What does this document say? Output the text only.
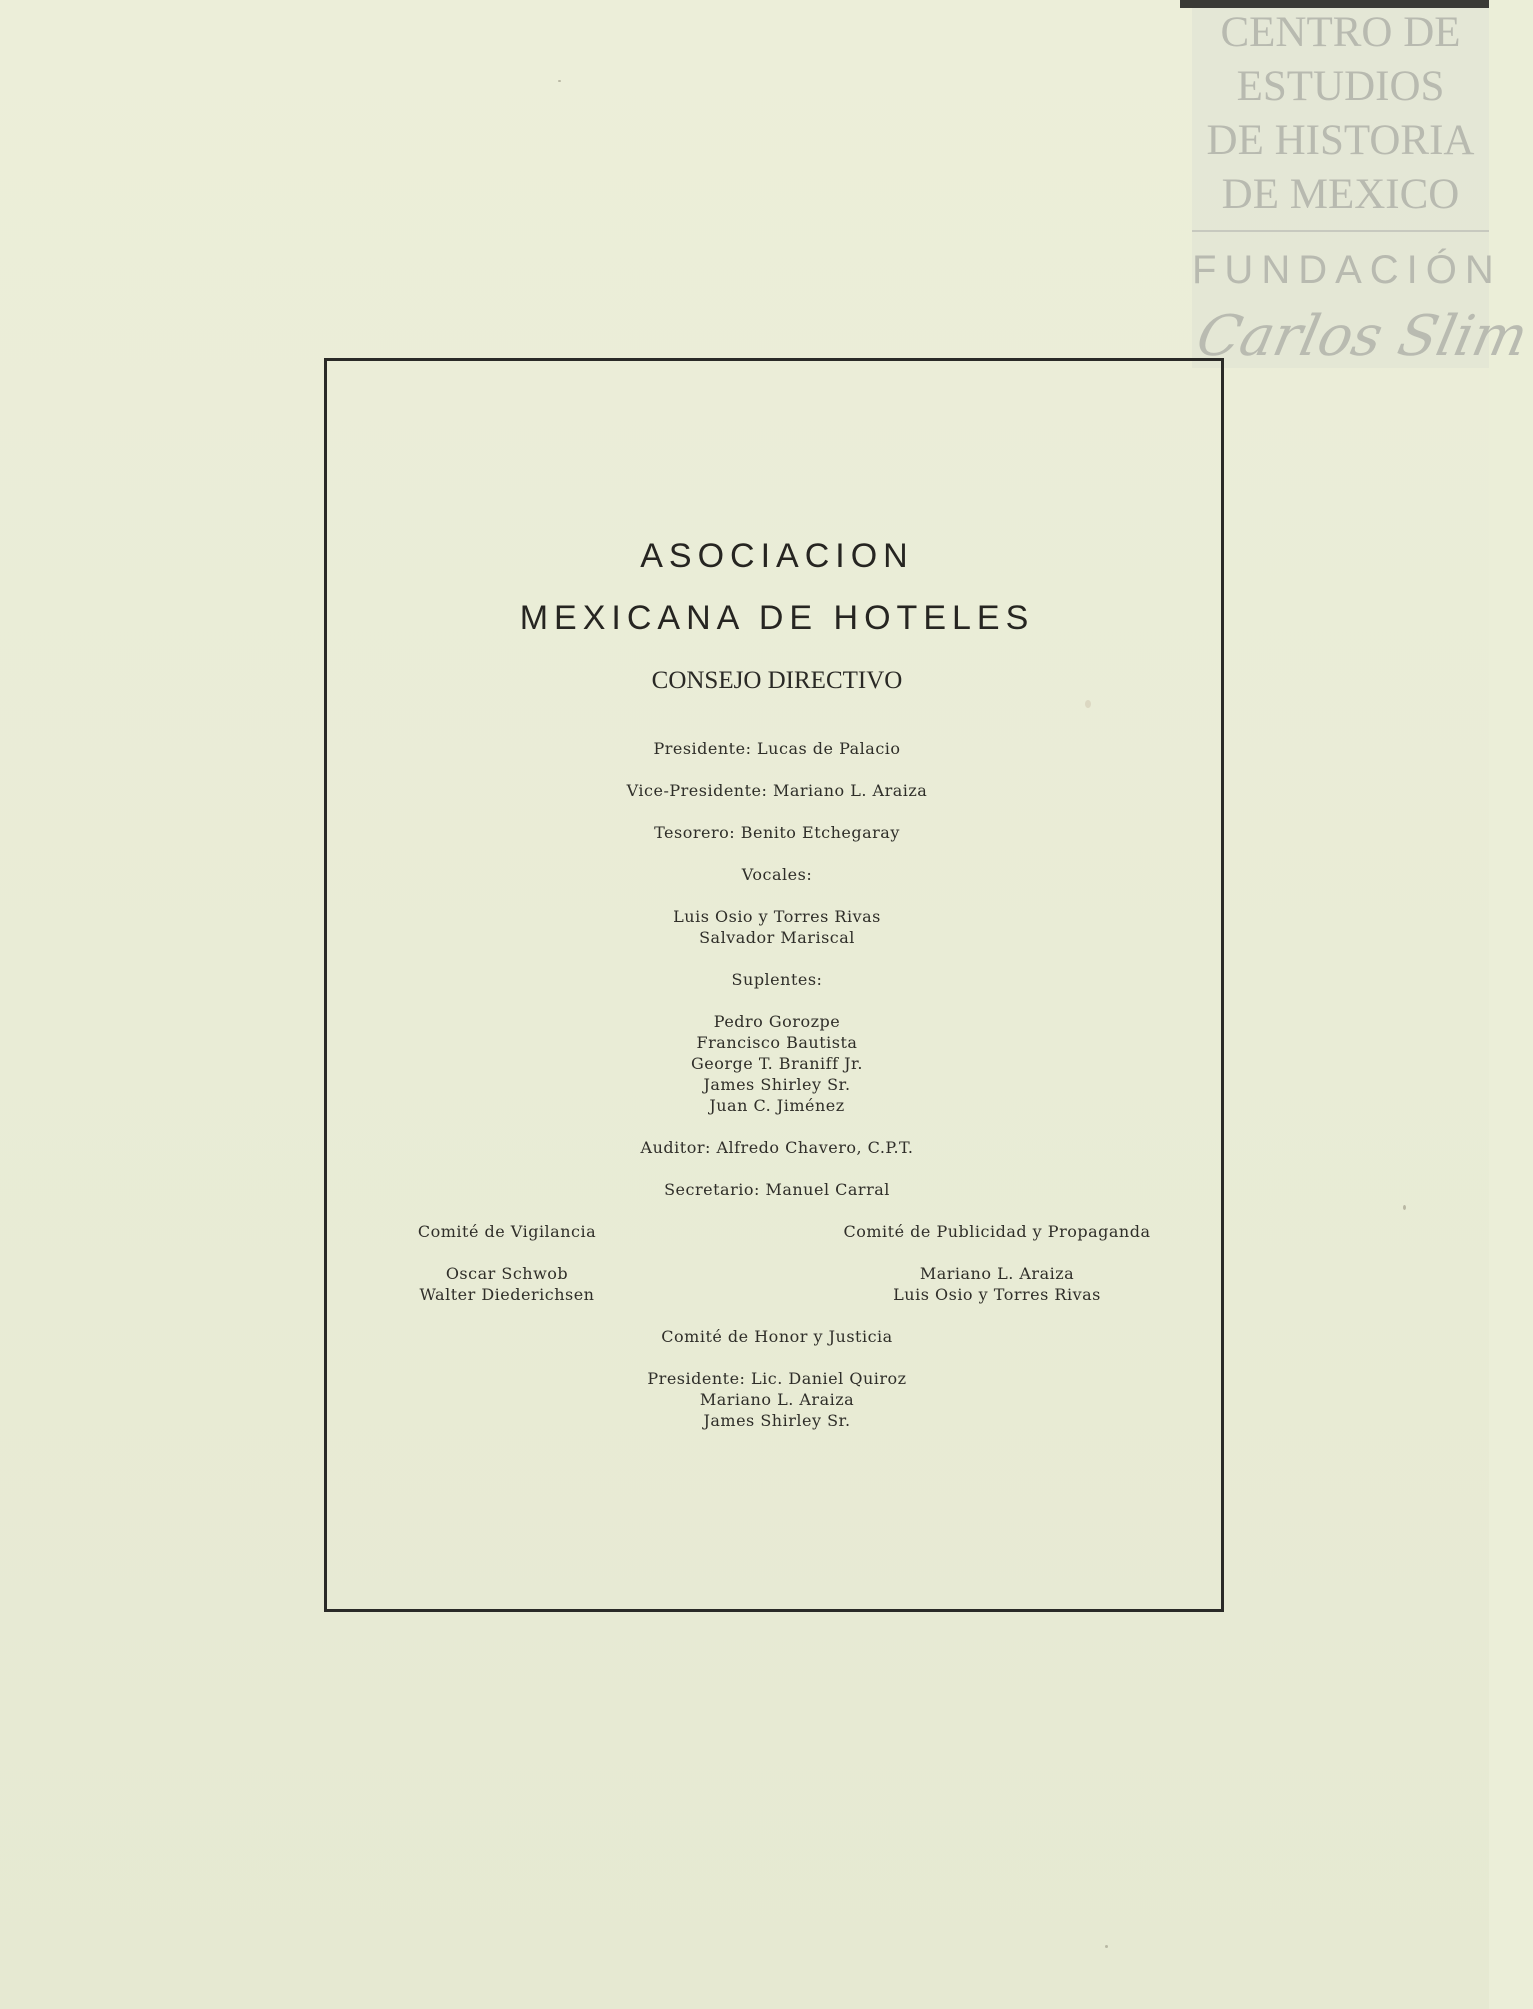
CENTRO DE
ESTUDIOS
DE HISTORIA
DE MEXICO
FUNDACIÓN
Carlos Slim
ASOCIACION
MEXICANA DE HOTELES
CONSEJO DIRECTIVO
Presidente: Lucas de Palacio
Vice-Presidente: Mariano L. Araiza
Tesorero: Benito Etchegaray
Vocales:
Luis Osio y Torres Rivas
Salvador Mariscal
Suplentes:
Pedro Gorozpe
Francisco Bautista
George T. Braniff Jr.
James Shirley Sr.
Juan C. Jiménez
Auditor: Alfredo Chavero, C.P.T.
Secretario: Manuel Carral
Comité de Vigilancia
Oscar Schwob
Walter Diederichsen
Comité de Publicidad y Propaganda
Mariano L. Araiza
Luis Osio y Torres Rivas
Comité de Honor y Justicia
Presidente: Lic. Daniel Quiroz
Mariano L. Araiza
James Shirley Sr.
